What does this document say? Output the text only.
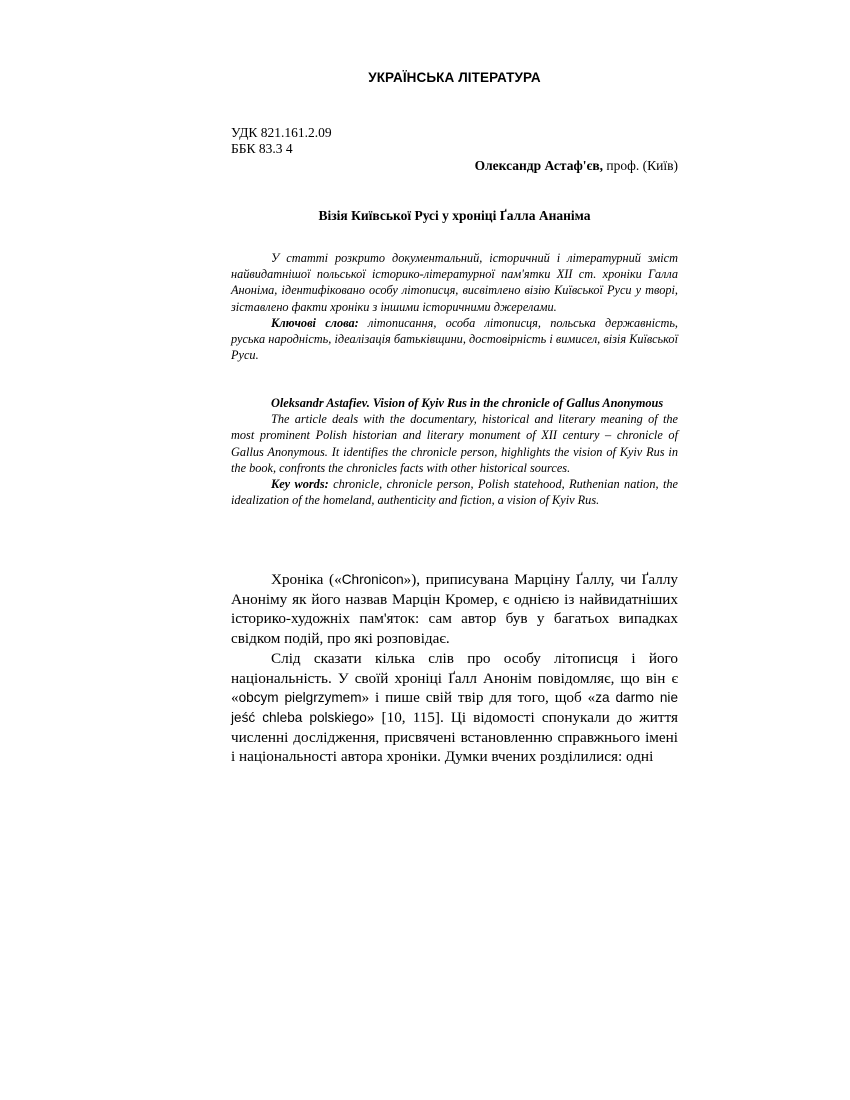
УКРАЇНСЬКА ЛІТЕРАТУРА
УДК 821.161.2.09
ББК 83.3 4
Олександр Астаф'єв, проф. (Київ)
Візія Київської Русі у хроніці Ґалла Ананіма

У статті розкрито документальний, історичний і літературний зміст найвидатнішої польської історико-літературної пам'ятки XII ст. хроніки Галла Аноніма, ідентифіковано особу літописця, висвітлено візію Київської Руси у творі, зіставлено факти хроніки з іншими історичними джерелами.

Ключові слова: літописання, особа літописця, польська державність, руська народність, ідеалізація батьківщини, достовірність і вимисел, візія Київської Руси.

Oleksandr Astafiev. Vision of Kyiv Rus in the chronicle of Gallus Anonymous

The article deals with the documentary, historical and literary meaning of the most prominent Polish historian and literary monument of XII century – chronicle of Gallus Anonymous. It identifies the chronicle person, highlights the vision of Kyiv Rus in the book, confronts the chronicles facts with other historical sources.

Key words: chronicle, chronicle person, Polish statehood, Ruthenian nation, the idealization of the homeland, authenticity and fiction, a vision of Kyiv Rus.

Хроніка («Chronicon»), приписувана Марціну Ґаллу, чи Ґаллу Аноніму як його назвав Марцін Кромер, є однією із найвидатніших історико-художніх пам'яток: сам автор був у багатьох випадках свідком подій, про які розповідає.

Слід сказати кілька слів про особу літописця і його національність. У своїй хроніці Ґалл Анонім повідомляє, що він є «obcym pielgrzymem» і пише свій твір для того, щоб «za darmo nie jeść chleba polskiego» [10, 115]. Ці відомості спонукали до життя численні дослідження, присвячені встановленню справжнього імені і національності автора хроніки. Думки вчених розділилися: одні
